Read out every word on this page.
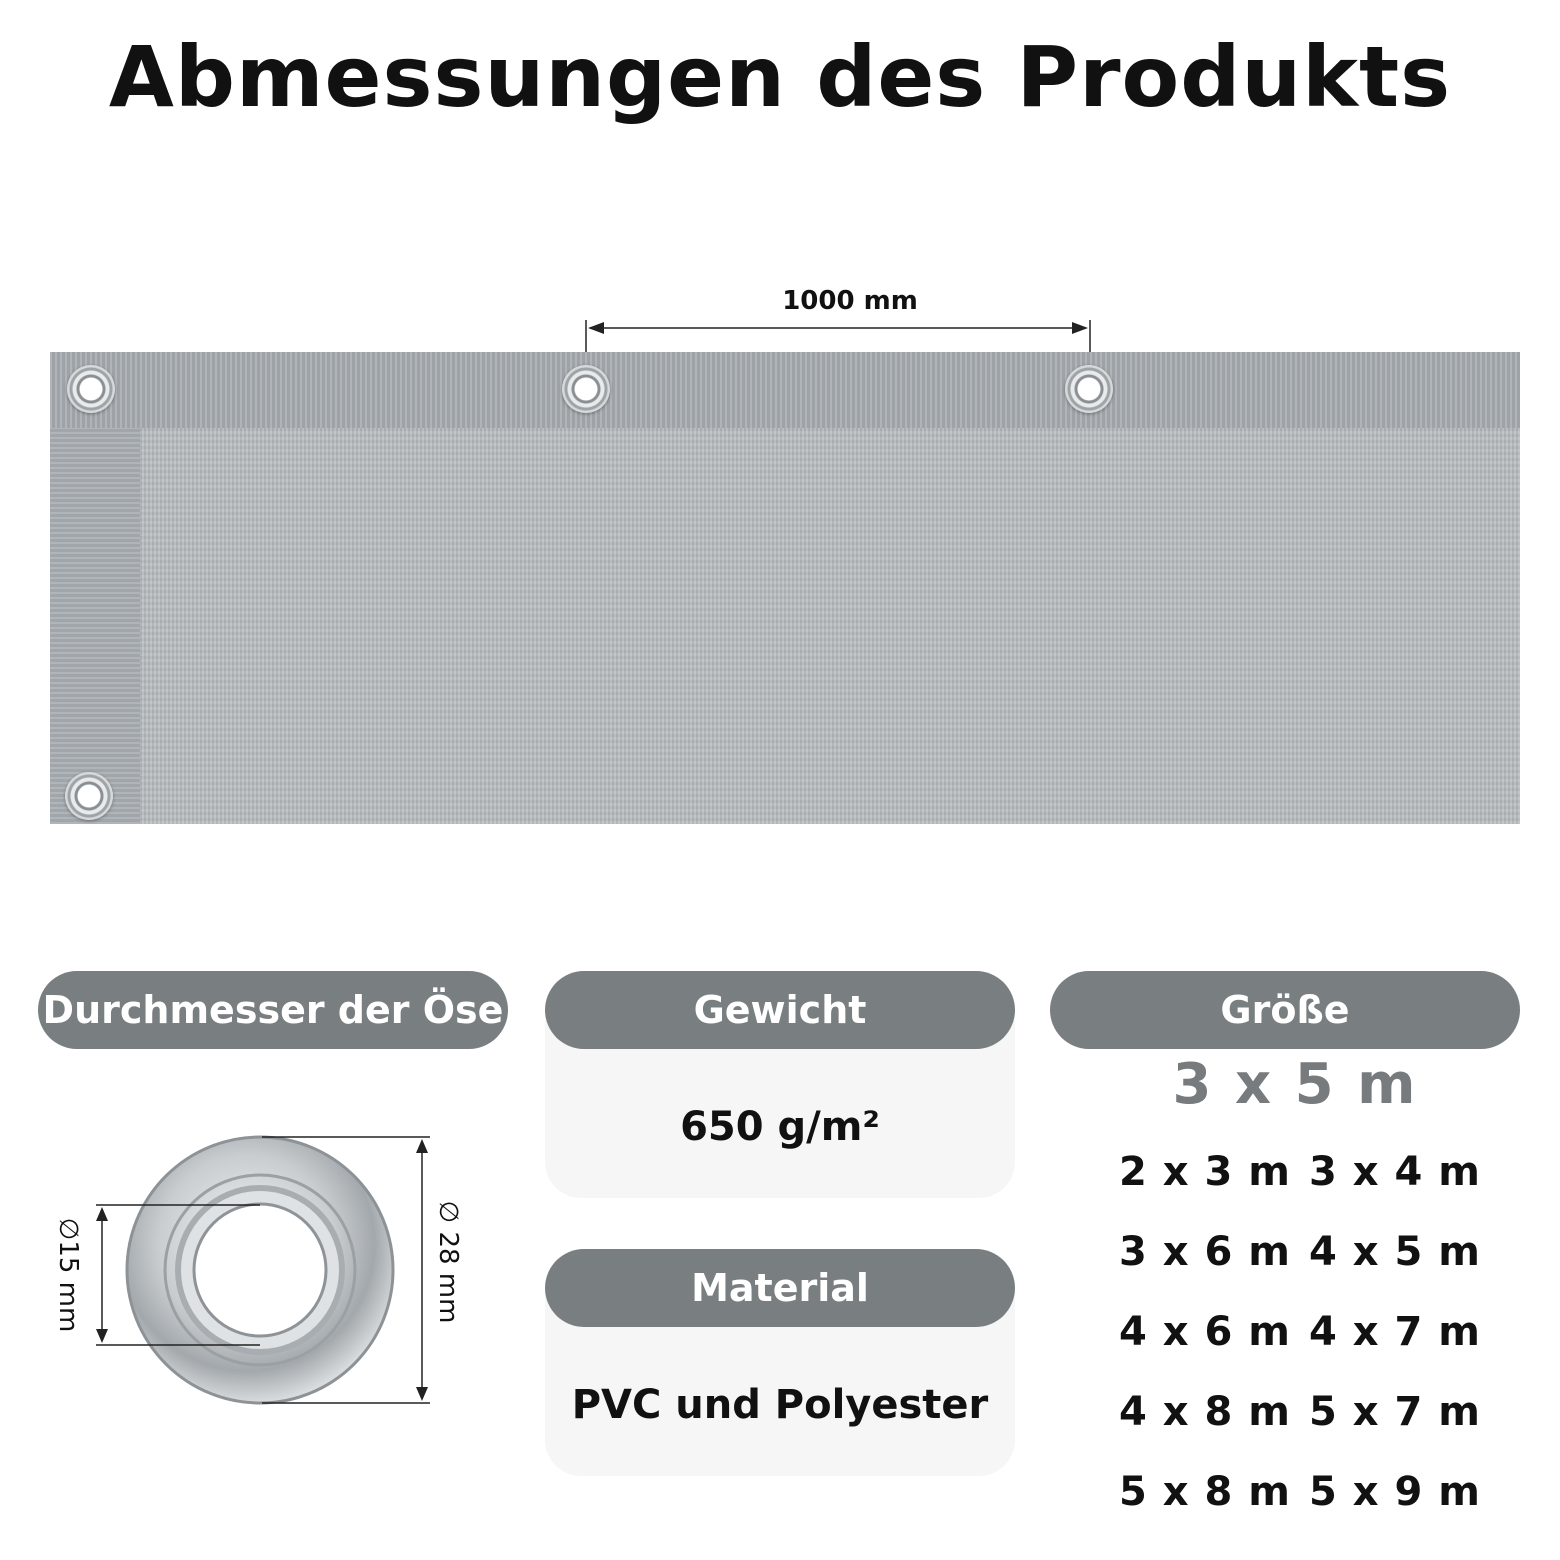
Abmessungen des Produkts
1000 mm
Durchmesser der Öse
∅15 mm	∅ 28 mm
650 g/m²
Gewicht
PVC und Polyester
Material
Größe
3 x 5 m
2 x 3 m 3 x 4 m
3 x 6 m 4 x 5 m
4 x 6 m 4 x 7 m
4 x 8 m 5 x 7 m
5 x 8 m 5 x 9 m
